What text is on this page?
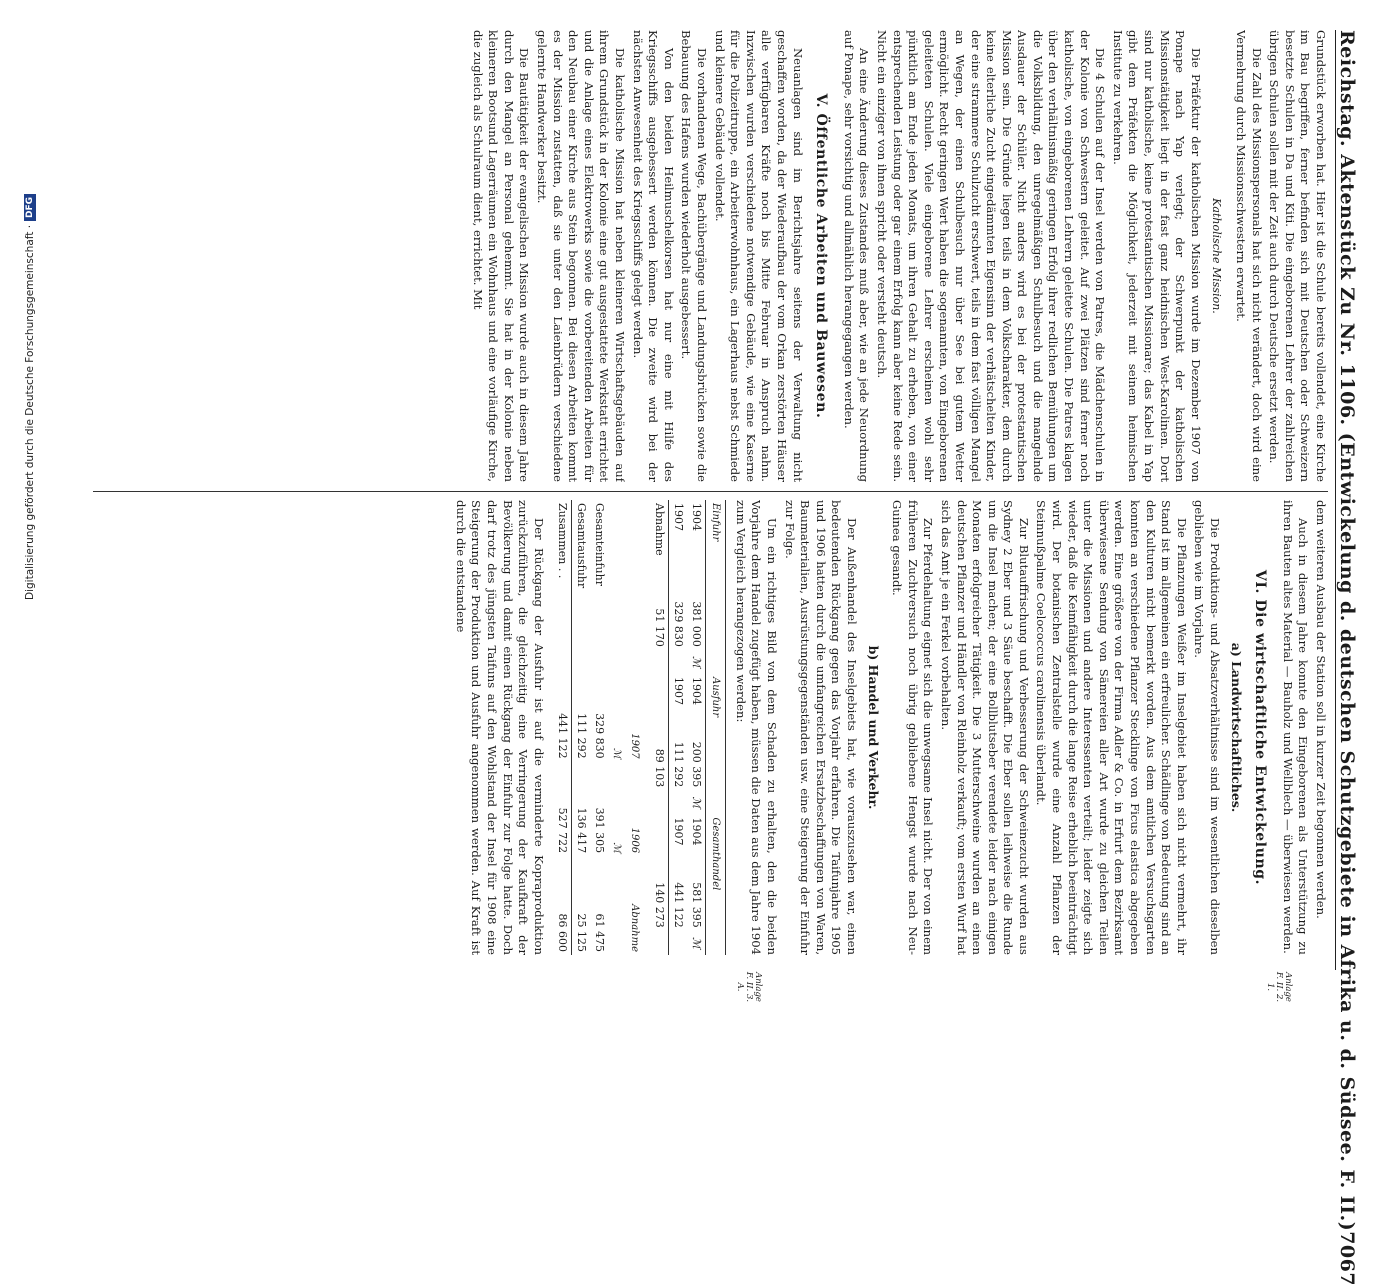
Reichstag. Aktenstück Zu Nr. 1106. (Entwickelung d. deutschen Schutzgebiete in Afrika u. d. Südsee. F. II.)
7067

Grundstück erworben hat. Hier ist die Schule bereits vollendet, eine Kirche im Bau begriffen, ferner befinden sich mit Deutschen oder Schweizern besetzte Schulen in Da und Kiti. Die eingeborenen Lehrer der zahlreichen übrigen Schulen sollen mit der Zeit auch durch Deutsche ersetzt werden.

Die Zahl des Missionspersonals hat sich nicht verändert, doch wird eine Vermehrung durch Missionsschwestern erwartet.

Katholische Mission.

Die Präfektur der katholischen Mission wurde im Dezember 1907 von Ponape nach Yap verlegt; der Schwerpunkt der katholischen Missionstätigkeit liegt in der fast ganz heidnischen West-Karolinen. Dort sind nur katholische, keine protestantischen Missionare; das Kabel in Yap gibt dem Präfekten die Möglichkeit, jederzeit mit seinem heimischen Institute zu verkehren.

Die 4 Schulen auf der Insel werden von Patres, die Mädchenschulen in der Kolonie von Schwestern geleitet. Auf zwei Plätzen sind ferner noch katholische, von eingeborenen Lehrern geleitete Schulen. Die Patres klagen über den verhältnismäßig geringen Erfolg ihrer redlichen Bemühungen um die Volksbildung, den unregelmäßigen Schulbesuch und die mangelnde Ausdauer der Schüler. Nicht anders wird es bei der protestantischen Mission sein. Die Gründe liegen teils in dem Volkscharakter, dem durch keine elterliche Zucht eingedämmten Eigensinn der verhätschelten Kinder, der eine strammere Schulzucht erschwert, teils in dem fast völligen Mangel an Wegen, der einen Schulbesuch nur über See bei gutem Wetter ermöglicht. Recht geringen Wert haben die sogenannten, von Eingeborenen geleiteten Schulen. Viele eingeborene Lehrer erscheinen wohl sehr pünktlich am Ende jeden Monats, um ihren Gehalt zu erheben, von einer entsprechenden Leistung oder gar einem Erfolg kann aber keine Rede sein. Nicht ein einziger von ihnen spricht oder versteht deutsch.

An eine Änderung dieses Zustandes muß aber, wie an jede Neuordnung auf Ponape, sehr vorsichtig und allmählich herangegangen werden.

V. Öffentliche Arbeiten und Bauwesen.

Neuanlagen sind im Berichtsjahre seitens der Verwaltung nicht geschaffen worden, da der Wiederaufbau der vom Orkan zerstörten Häuser alle verfügbaren Kräfte noch bis Mitte Februar in Anspruch nahm. Inzwischen wurden verschiedene notwendige Gebäude, wie eine Kaserne für die Polizeitruppe, ein Arbeiterwohnhaus, ein Lagerhaus nebst Schmiede und kleinere Gebäude vollendet.

Die vorhandenen Wege, Bachübergänge und Landungsbrücken sowie die Bebauung des Hafens wurden wiederholt ausgebessert.

Von den beiden Heilmuschelkorsen hat nur eine mit Hilfe des Kriegsschiffs ausgebessert werden können. Die zweite wird bei der nächsten Anwesenheit des Kriegsschiffs gelegt werden.

Die katholische Mission hat neben kleineren Wirtschaftsgebäuden auf ihrem Grundstück in der Kolonie eine gut ausgestattete Werkstatt errichtet und die Anlage eines Elektrowerks sowie die vorbereitenden Arbeiten für den Neubau einer Kirche aus Stein begonnen. Bei diesen Arbeiten kommt es der Mission zustatten, daß sie unter den Laienbrüdern verschiedene gelernte Handwerker besitzt.

Die Bautätigkeit der evangelischen Mission wurde auch in diesem Jahre durch den Mangel an Personal gehemmt. Sie hat in der Kolonie neben kleineren Bootsund Lagerräumen ein Wohnhaus und eine vorläufige Kirche, die zugleich als Schulraum dient, errichtet. Mit

dem weiteren Ausbau der Station soll in kurzer Zeit begonnen werden.

Auch in diesem Jahre konnte den Eingeborenen als Unterstützung zu ihren Bauten altes Material — Bauholz und Wellblech — überwiesen werden.

VI. Die wirtschaftliche Entwickelung.
a) Landwirtschaftliches.

Die Produktions- und Absatzverhältnisse sind im wesentlichen dieselben geblieben wie im Vorjahre.

Die Pflanzungen Weißer im Inselgebiet haben sich nicht vermehrt, ihr Stand ist im allgemeinen ein erfreulicher. Schädlinge von Bedeutung sind an den Kulturen nicht bemerkt worden. Aus dem amtlichen Versuchsgarten konnten an verschiedene Pflanzer Stecklinge von Ficus elastica abgegeben werden. Eine größere von der Firma Adler & Co. in Erfurt dem Bezirksamt überwiesene Sendung von Sämereien aller Art wurde zu gleichen Teilen unter die Missionen und andere Interessenten verteilt; leider zeigte sich wieder, daß die Keimfähigkeit durch die lange Reise erheblich beeinträchtigt wird. Der botanischen Zentralstelle wurde eine Anzahl Pflanzen der Steinnußpalme Coelococcus carolinensis überlandt.

Zur Blutauffrischung und Verbesserung der Schweinezucht wurden aus Sydney 2 Eber und 3 Säue beschafft. Die Eber sollen leihweise die Runde um die Insel machen; der eine Bollblutseber verendete leider nach einigen Monaten erfolgreicher Tätigkeit. Die 3 Mutterschweine wurden an einen deutschen Pflanzer und Händler von Rleinholz verkauft; vom ersten Wurf hat sich das Amt je ein Ferkel vorbehalten.

Zur Pferdehaltung eignet sich die unwegsame Insel nicht. Der von einem früheren Zuchtversuch noch übrig gebliebene Hengst wurde nach Neu-Guinea gesandt.

b) Handel und Verkehr.

Der Außenhandel des Inselgebiets hat, wie vorauszusehen war, einen bedeutenden Rückgang gegen das Vorjahr erfahren. Die Taifunjahre 1905 und 1906 hatten durch die umfangreichen Ersatzbeschaffungen von Waren, Baumaterialien, Ausrüstungsgegenständen usw. eine Steigerung der Einfuhr zur Folge.

Um ein richtiges Bild von dem Schaden zu erhalten, den die beiden Vorjahre dem Handel zugefügt haben, müssen die Daten aus dem Jahre 1904 zum Vergleich herangezogen werden:

Einfuhr			Ausfuhr			Gesamthandel		
1904	381 000	ℳ	1904	200 395	ℳ	1904	581 395	ℳ
1907	329 830		1907	111 292		1907	441 122	
Abnahme	51 170			89 103			140 273	
	1907	1906	Abnahme
	ℳ	ℳ	
Gesamteinfuhr	329 830	391 305	61 475
Gesamtausfuhr	111 292	136 417	25 125
Zusammen . .	441 122	527 722	86 600

Der Rückgang der Ausfuhr ist auf die verminderte Kopraproduktion zurückzuführen, die gleichzeitig eine Verringerung der Kaufkraft der Bevölkerung und damit einen Rückgang der Einfuhr zur Folge hatte. Doch darf trotz des jüngsten Taifuns auf den Wohlstand der Insel für 1908 eine Steigerung der Produktion und Ausfuhr angenommen werden. Auf Kraft ist durch die entstandene

Anlage F. II. 2. 1.
Anlage F. II. 3. A.
Digitalisierung gefördert durch die Deutsche Forschungsgemeinschaft ·
DFG
